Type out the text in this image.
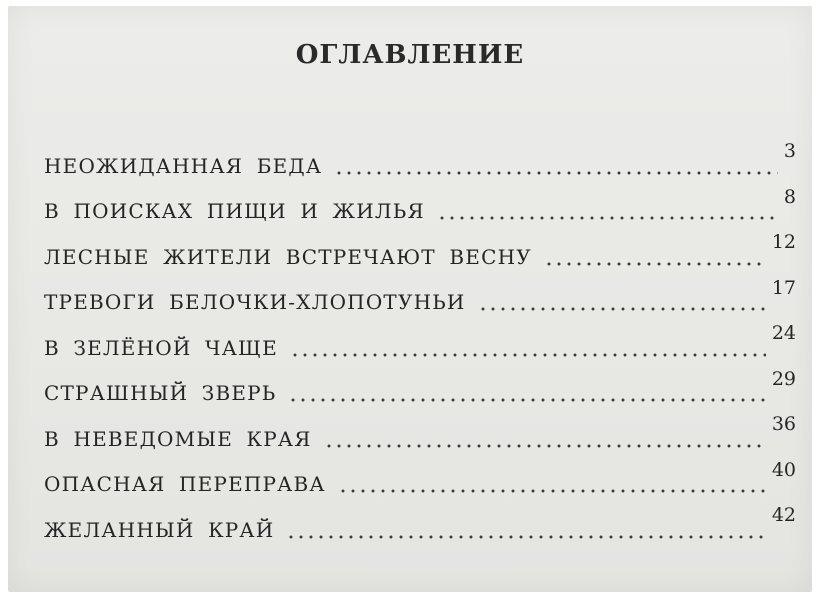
ОГЛАВЛЕНИЕ
НЕОЖИДАННАЯ БЕДА
3
В ПОИСКАХ ПИЩИ И ЖИЛЬЯ
8
ЛЕСНЫЕ ЖИТЕЛИ ВСТРЕЧАЮТ ВЕСНУ
12
ТРЕВОГИ БЕЛОЧКИ-ХЛОПОТУНЬИ
17
В ЗЕЛЁНОЙ ЧАЩЕ
24
СТРАШНЫЙ ЗВЕРЬ
29
В НЕВЕДОМЫЕ КРАЯ
36
ОПАСНАЯ ПЕРЕПРАВА
40
ЖЕЛАННЫЙ КРАЙ
42
